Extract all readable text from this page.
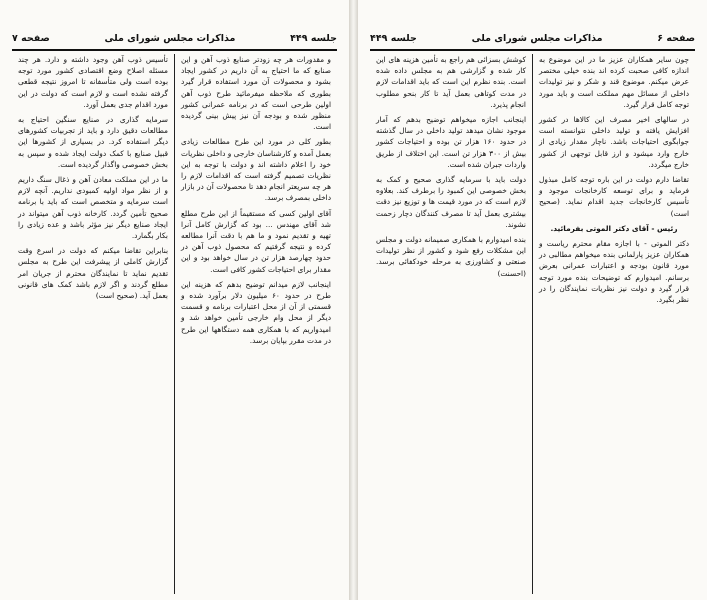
جلسه ۴۴۹
مذاکرات مجلس شورای ملی
صفحه ۷

و مقدورات هر چه زودتر صنایع ذوب آهن و این صنایع که ما احتیاج به آن داریم در کشور ایجاد بشود و محصولات آن مورد استفاده قرار گیرد بطوری که ملاحظه میفرمائید طرح ذوب آهن اولین طرحی است که در برنامه عمرانی کشور منظور شده و بودجه آن نیز پیش بینی گردیده است.

بطور کلی در مورد این طرح مطالعات زیادی بعمل آمده و کارشناسان خارجی و داخلی نظریات خود را اعلام داشته اند و دولت با توجه به این نظریات تصمیم گرفته است که اقدامات لازم را هر چه سریعتر انجام دهد تا محصولات آن در بازار داخلی بمصرف برسد.

آقای اولین کسی که مستقیماً از این طرح مطلع شد آقای مهندس ... بود که گزارش کامل آنرا تهیه و تقدیم نمود و ما هم با دقت آنرا مطالعه کرده و نتیجه گرفتیم که محصول ذوب آهن در حدود چهارصد هزار تن در سال خواهد بود و این مقدار برای احتیاجات کشور کافی است.

اینجانب لازم میدانم توضیح بدهم که هزینه این طرح در حدود ۶۰ میلیون دلار برآورد شده و قسمتی از آن از محل اعتبارات برنامه و قسمت دیگر از محل وام خارجی تأمین خواهد شد و امیدواریم که با همکاری همه دستگاهها این طرح در مدت مقرر بپایان برسد.

تأسیس ذوب آهن وجود داشته و دارد. هر چند مسئله اصلاح وضع اقتصادی کشور مورد توجه بوده است ولی متأسفانه تا امروز نتیجه قطعی گرفته نشده است و لازم است که دولت در این مورد اقدام جدی بعمل آورد.

سرمایه گذاری در صنایع سنگین احتیاج به مطالعات دقیق دارد و باید از تجربیات کشورهای دیگر استفاده کرد. در بسیاری از کشورها این قبیل صنایع با کمک دولت ایجاد شده و سپس به بخش خصوصی واگذار گردیده است.

ما در این مملکت معادن آهن و ذغال سنگ داریم و از نظر مواد اولیه کمبودی نداریم. آنچه لازم است سرمایه و متخصص است که باید با برنامه صحیح تأمین گردد. کارخانه ذوب آهن میتواند در ایجاد صنایع دیگر نیز مؤثر باشد و عده زیادی را بکار بگمارد.

بنابراین تقاضا میکنم که دولت در اسرع وقت گزارش کاملی از پیشرفت این طرح به مجلس تقدیم نماید تا نمایندگان محترم از جریان امر مطلع گردند و اگر لازم باشد کمک های قانونی بعمل آید. (صحیح است)

صفحه ۶
مذاکرات مجلس شورای ملی
جلسه ۴۴۹

چون سایر همکاران عزیز ما در این موضوع به اندازه کافی صحبت کرده اند بنده خیلی مختصر عرض میکنم. موضوع قند و شکر و نیز تولیدات داخلی از مسائل مهم مملکت است و باید مورد توجه کامل قرار گیرد.

در سالهای اخیر مصرف این کالاها در کشور افزایش یافته و تولید داخلی نتوانسته است جوابگوی احتیاجات باشد. ناچار مقدار زیادی از خارج وارد میشود و ارز قابل توجهی از کشور خارج میگردد.

تقاضا دارم دولت در این باره توجه کامل مبذول فرماید و برای توسعه کارخانجات موجود و تأسیس کارخانجات جدید اقدام نماید. (صحیح است)

رئیس - آقای دکتر الموتی بفرمائید.

دکتر الموتی - با اجازه مقام محترم ریاست و همکاران عزیز پارلمانی بنده میخواهم مطالبی در مورد قانون بودجه و اعتبارات عمرانی بعرض برسانم. امیدوارم که توضیحات بنده مورد توجه قرار گیرد و دولت نیز نظریات نمایندگان را در نظر بگیرد.

کوشش بسزائی هم راجع به تأمین هزینه های این کار شده و گزارشی هم به مجلس داده شده است. بنده نظرم این است که باید اقدامات لازم در مدت کوتاهی بعمل آید تا کار بنحو مطلوب انجام پذیرد.

اینجانب اجازه میخواهم توضیح بدهم که آمار موجود نشان میدهد تولید داخلی در سال گذشته در حدود ۱۶۰ هزار تن بوده و احتیاجات کشور بیش از ۳۰۰ هزار تن است. این اختلاف از طریق واردات جبران شده است.

دولت باید با سرمایه گذاری صحیح و کمک به بخش خصوصی این کمبود را برطرف کند. بعلاوه لازم است که در مورد قیمت ها و توزیع نیز دقت بیشتری بعمل آید تا مصرف کنندگان دچار زحمت نشوند.

بنده امیدوارم با همکاری صمیمانه دولت و مجلس این مشکلات رفع شود و کشور از نظر تولیدات صنعتی و کشاورزی به مرحله خودکفائی برسد. (احسنت)
